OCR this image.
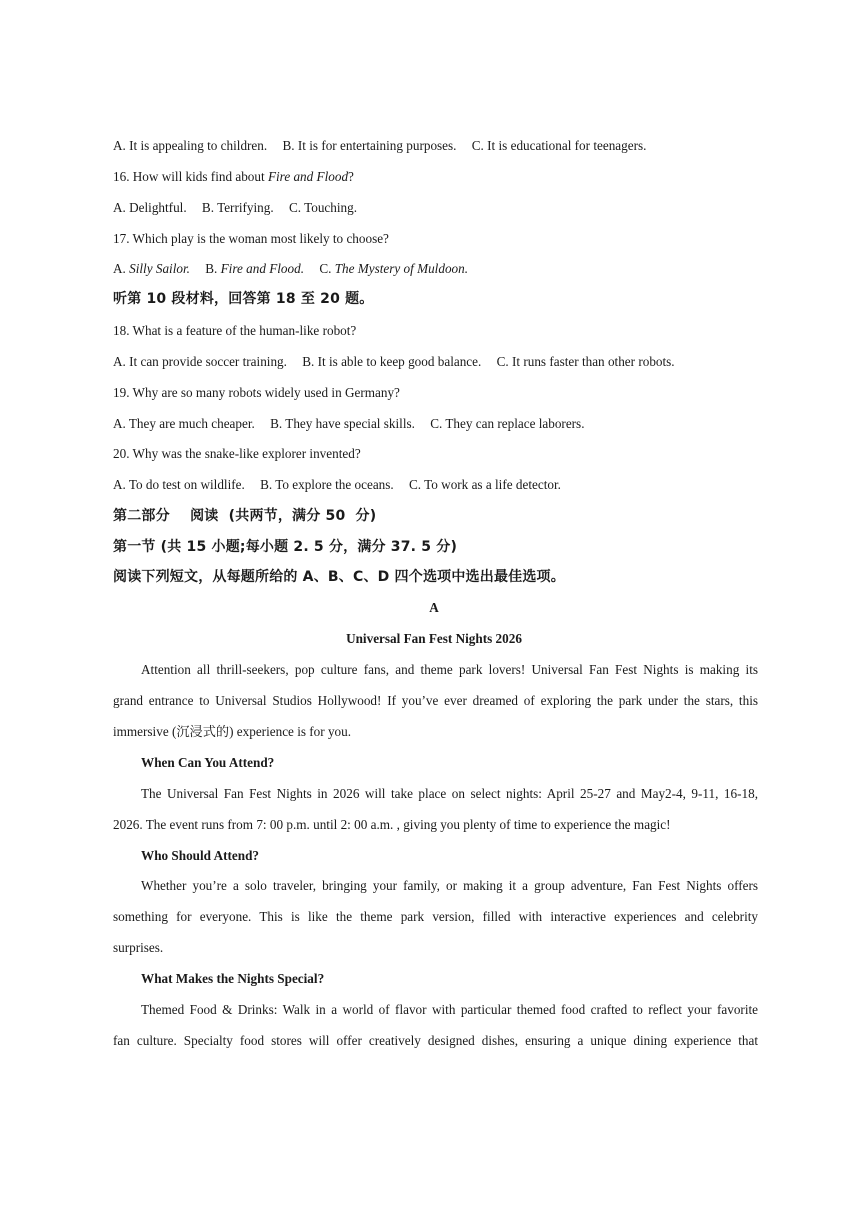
A. It is appealing to children. B. It is for entertaining purposes. C. It is educational for teenagers.
16. How will kids find about Fire and Flood?
A. Delightful. B. Terrifying. C. Touching.
17. Which play is the woman most likely to choose?
A. Silly Sailor. B. Fire and Flood. C. The Mystery of Muldoon.
听第 10 段材料，回答第 18 至 20 题。
18. What is a feature of the human-like robot?
A. It can provide soccer training. B. It is able to keep good balance. C. It runs faster than other robots.
19. Why are so many robots widely used in Germany?
A. They are much cheaper. B. They have special skills. C. They can replace laborers.
20. Why was the snake-like explorer invented?
A. To do test on wildlife. B. To explore the oceans. C. To work as a life detector.
第二部分    阅读  (共两节，满分 50  分)
第一节 (共 15 小题;每小题 2. 5 分，满分 37. 5 分)
阅读下列短文，从每题所给的 A、B、C、D 四个选项中选出最佳选项。
A
Universal Fan Fest Nights 2026
Attention all thrill-seekers, pop culture fans, and theme park lovers! Universal Fan Fest Nights is making its
grand entrance to Universal Studios Hollywood! If you’ve ever dreamed of exploring the park under the stars, this
immersive (沉浸式的) experience is for you.
When Can You Attend?
The Universal Fan Fest Nights in 2026 will take place on select nights: April 25-27 and May2-4, 9-11, 16-18,
2026. The event runs from 7: 00 p.m. until 2: 00 a.m. , giving you plenty of time to experience the magic!
Who Should Attend?
Whether you’re a solo traveler, bringing your family, or making it a group adventure, Fan Fest Nights offers
something for everyone. This is like the theme park version, filled with interactive experiences and celebrity
surprises.
What Makes the Nights Special?
Themed Food & Drinks: Walk in a world of flavor with particular themed food crafted to reflect your favorite
fan culture. Specialty food stores will offer creatively designed dishes, ensuring a unique dining experience that
